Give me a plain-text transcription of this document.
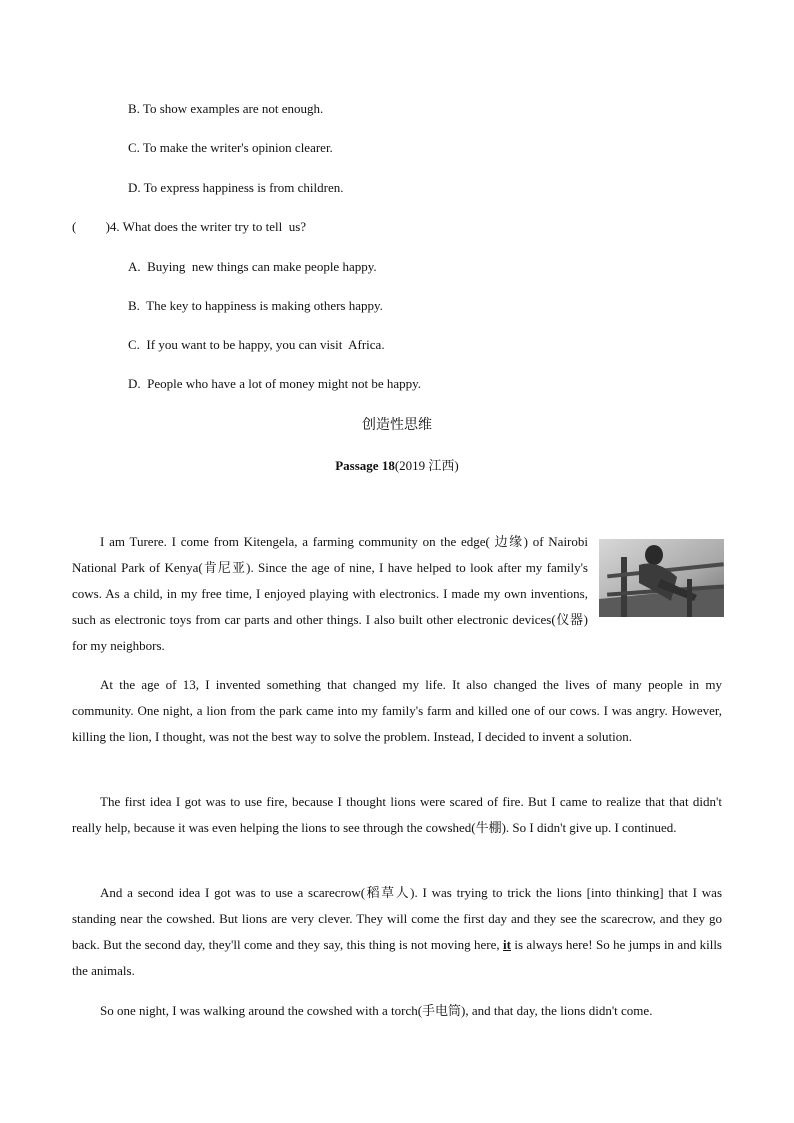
B. To show examples are not enough.
C. To make the writer's opinion clearer.
D. To express happiness is from children.
(         )4. What does the writer try to tell  us?
A.  Buying  new things can make people happy.
B.  The key to happiness is making others happy.
C.  If you want to be happy, you can visit  Africa.
D.  People who have a lot of money might not be happy.
创造性思维
Passage 18(2019 江西)

I am Turere. I come from Kitengela, a farming community on the edge( 边缘) of Nairobi National Park of Kenya(肯尼亚). Since the age of nine, I have helped to look after my family's cows. As a child, in my free time, I enjoyed playing with electronics. I made my own inventions, such as electronic toys from car parts and other things. I also built other electronic devices(仪器) for my neighbors.

At the age of 13, I invented something that changed my life. It also changed the lives of many people in my community. One night, a lion from the park came into my family's farm and killed one of our cows. I was angry. However, killing the lion, I thought, was not the best way to solve the problem. Instead, I decided to invent a solution.

The first idea I got was to use fire, because I thought lions were scared of fire. But I came to realize that that didn't really help, because it was even helping the lions to see through the cowshed(牛棚). So I didn't give up. I continued.

And a second idea I got was to use a scarecrow(稻草人). I was trying to trick the lions [into thinking] that I was standing near the cowshed. But lions are very clever. They will come the first day and they see the scarecrow, and they go back. But the second day, they'll come and they say, this thing is not moving here, it is always here! So he jumps in and kills the animals.

So one night, I was walking around the cowshed with a torch(手电筒), and that day, the lions didn't come.
